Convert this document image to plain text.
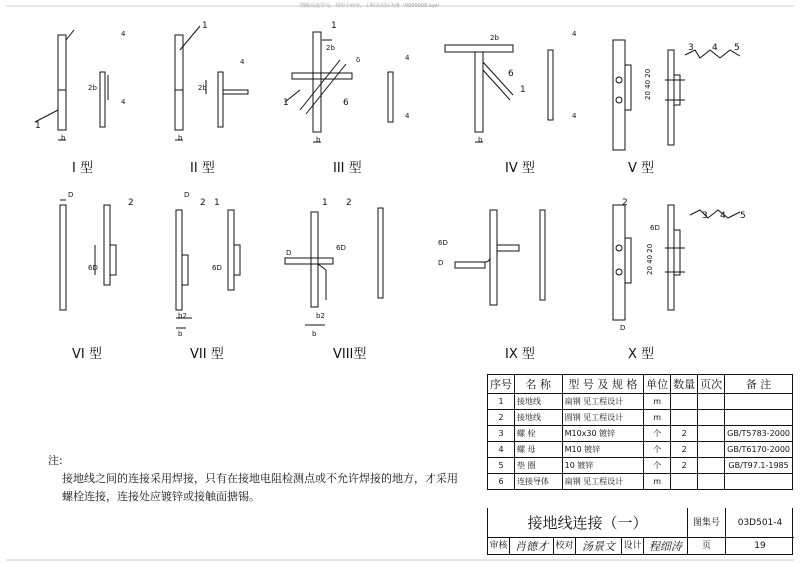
图纸交流学习，勿用于商业，工程以实际为准（0000000.xyz）
I 型	II 型	III 型	IV 型	V 型
VI 型	VII 型	VIII型	IX 型	X 型
1
1	1
1	6
1
6
3 4 5
2	2 1	1 2	2
3 4 5
b	b	b	b
2b	2b
2b
2b
δ
D	D
D
D
D
6D	6D
6D
6D
6D
b2	b2
b	b
20 40 20
20 40 20
4
4
4	4
4
4
4

注:

接地线之间的连接采用焊接，只有在接地电阻检测点或不允许焊接的地方，才采用螺栓连接，连接处应镀锌或接触面搪锡。

序号	名 称	型 号 及 规 格	单位	数量	页次	备 注
1	接地线	扁钢 见工程设计	m			
2	接地线	圆钢 见工程设计	m			
3	螺 栓	M10x30 镀锌	个	2		GB/T5783-2000
4	螺 母	M10 镀锌	个	2		GB/T6170-2000
5	垫 圈	10 镀锌	个	2		GB/T97.1-1985
6	连接导体	扁钢 见工程设计	m			
接地线连接（一）	图集号	03D501-4
审核 肖德才 校对 汤景文 设计 程细涛	页	19
